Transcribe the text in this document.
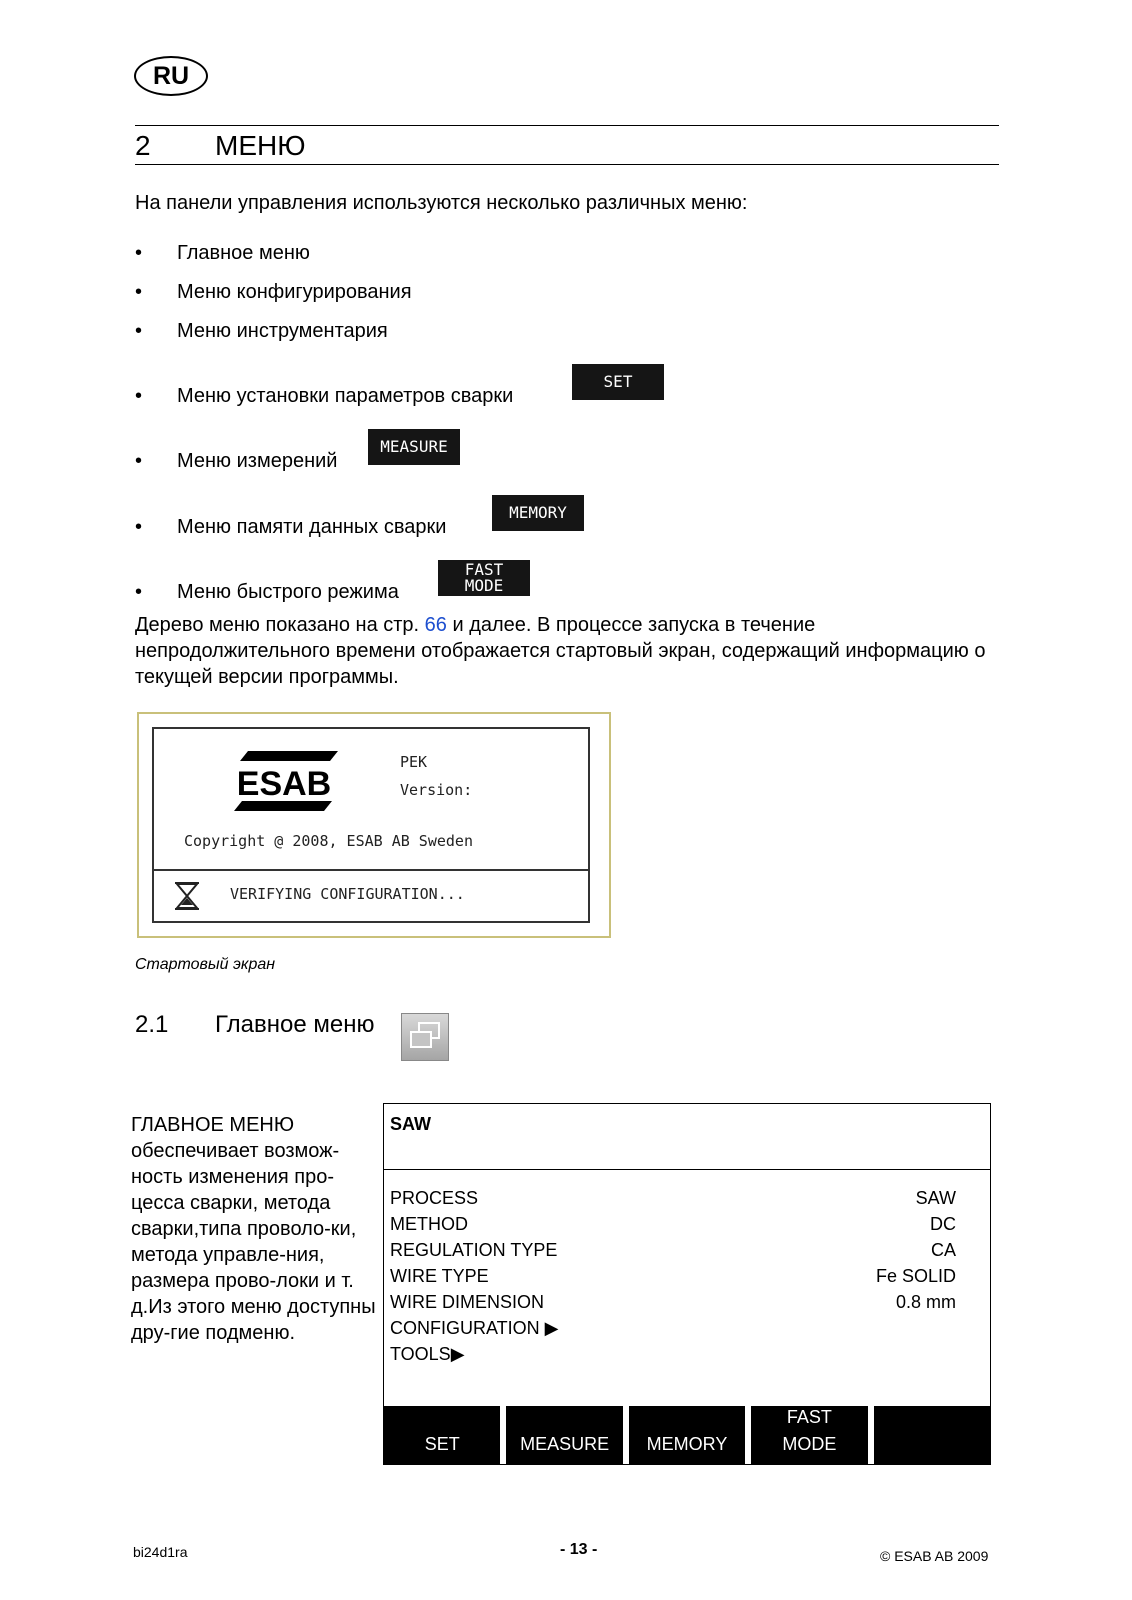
RU
2 МЕНЮ
На панели управления используются несколько различных меню:
• Главное меню
• Меню конфигурирования
• Меню инструментария
• Меню установки параметров сварки
SET
• Меню измерений
MEASURE
• Меню памяти данных сварки
MEMORY
• Меню быстрого режима
FAST
MODE
Дерево меню показано на стр. 66 и далее. В процессе запуска в течение непродолжительного времени отображается стартовый экран, содержащий информацию о текущей версии программы.
ESAB
PEK
Version:
Copyright @ 2008, ESAB AB Sweden
VERIFYING CONFIGURATION...
Стартовый экран
2.1 Главное меню
ГЛАВНОЕ МЕНЮ обеспечивает возмож-ность изменения про-цесса сварки, метода сварки,типа проволо-ки, метода управле-ния, размера прово-локи и т. д.Из этого меню доступны дру-гие подменю.
SAW
PROCESS	SAW
METHOD	DC
REGULATION TYPE	CA
WIRE TYPE	Fe SOLID
WIRE DIMENSION	0.8 mm
CONFIGURATION ▶
TOOLS▶
SET	MEASURE MEMORY
FAST
MODE
bi24d1ra	- 13 -	© ESAB AB 2009
